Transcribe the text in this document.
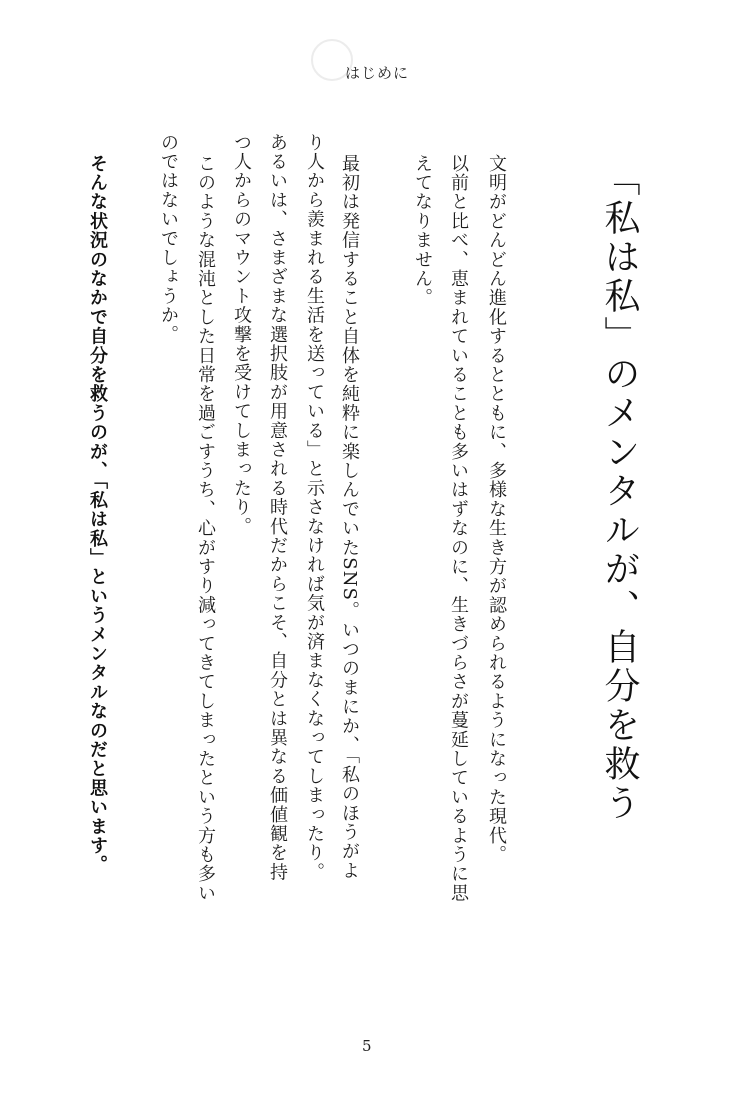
はじめに
「私は私」のメンタルが、自分を救う
文明がどんどん進化するとともに、多様な生き方が認められるようになった現代。
以前と比べ、恵まれていることも多いはずなのに、生きづらさが蔓延しているように思
えてなりません。
最初は発信すること自体を純粋に楽しんでいたSNS。いつのまにか、「私のほうがよ
り人から羨まれる生活を送っている」と示さなければ気が済まなくなってしまったり。
あるいは、さまざまな選択肢が用意される時代だからこそ、自分とは異なる価値観を持
つ人からのマウント攻撃を受けてしまったり。
このような混沌とした日常を過ごすうち、心がすり減ってきてしまったという方も多い
のではないでしょうか。
そんな状況のなかで自分を救うのが、「私は私」というメンタルなのだと思います。
5
